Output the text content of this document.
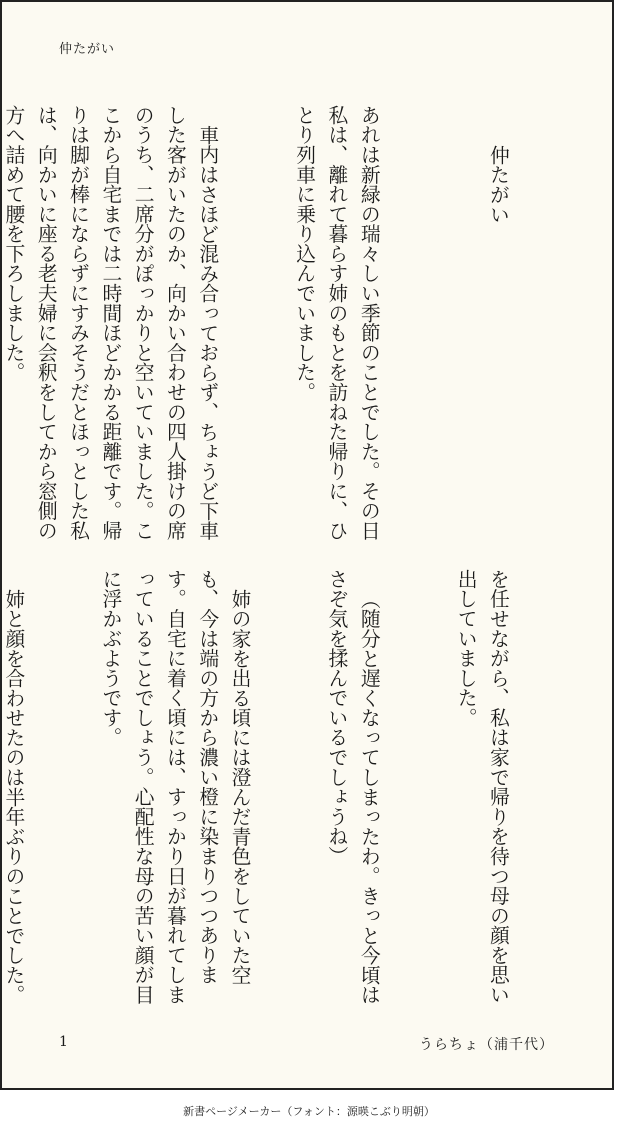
仲たがい

仲たがい

あれは新緑の瑞々しい季節のことでした。その日私は、離れて暮らす姉のもとを訪ねた帰りに、ひとり列車に乗り込んでいました。

車内はさほど混み合っておらず、ちょうど下車した客がいたのか、向かい合わせの四人掛けの席のうち、二席分がぽっかりと空いていました。ここから自宅までは二時間ほどかかる距離です。帰りは脚が棒にならずにすみそうだとほっとした私は、向かいに座る老夫婦に会釈をしてから窓側の方へ詰めて腰を下ろしました。

を任せながら、私は家で帰りを待つ母の顔を思い出していました。

（随分と遅くなってしまったわ。きっと今頃はさぞ気を揉んでいるでしょうね）

姉の家を出る頃には澄んだ青色をしていた空も、今は端の方から濃い橙に染まりつつあります。自宅に着く頃には、すっかり日が暮れてしまっていることでしょう。心配性な母の苦い顔が目に浮かぶようです。

姉と顔を合わせたのは半年ぶりのことでした。

1	うらちょ（浦千代）
新書ページメーカー（フォント：源暎こぶり明朝）
